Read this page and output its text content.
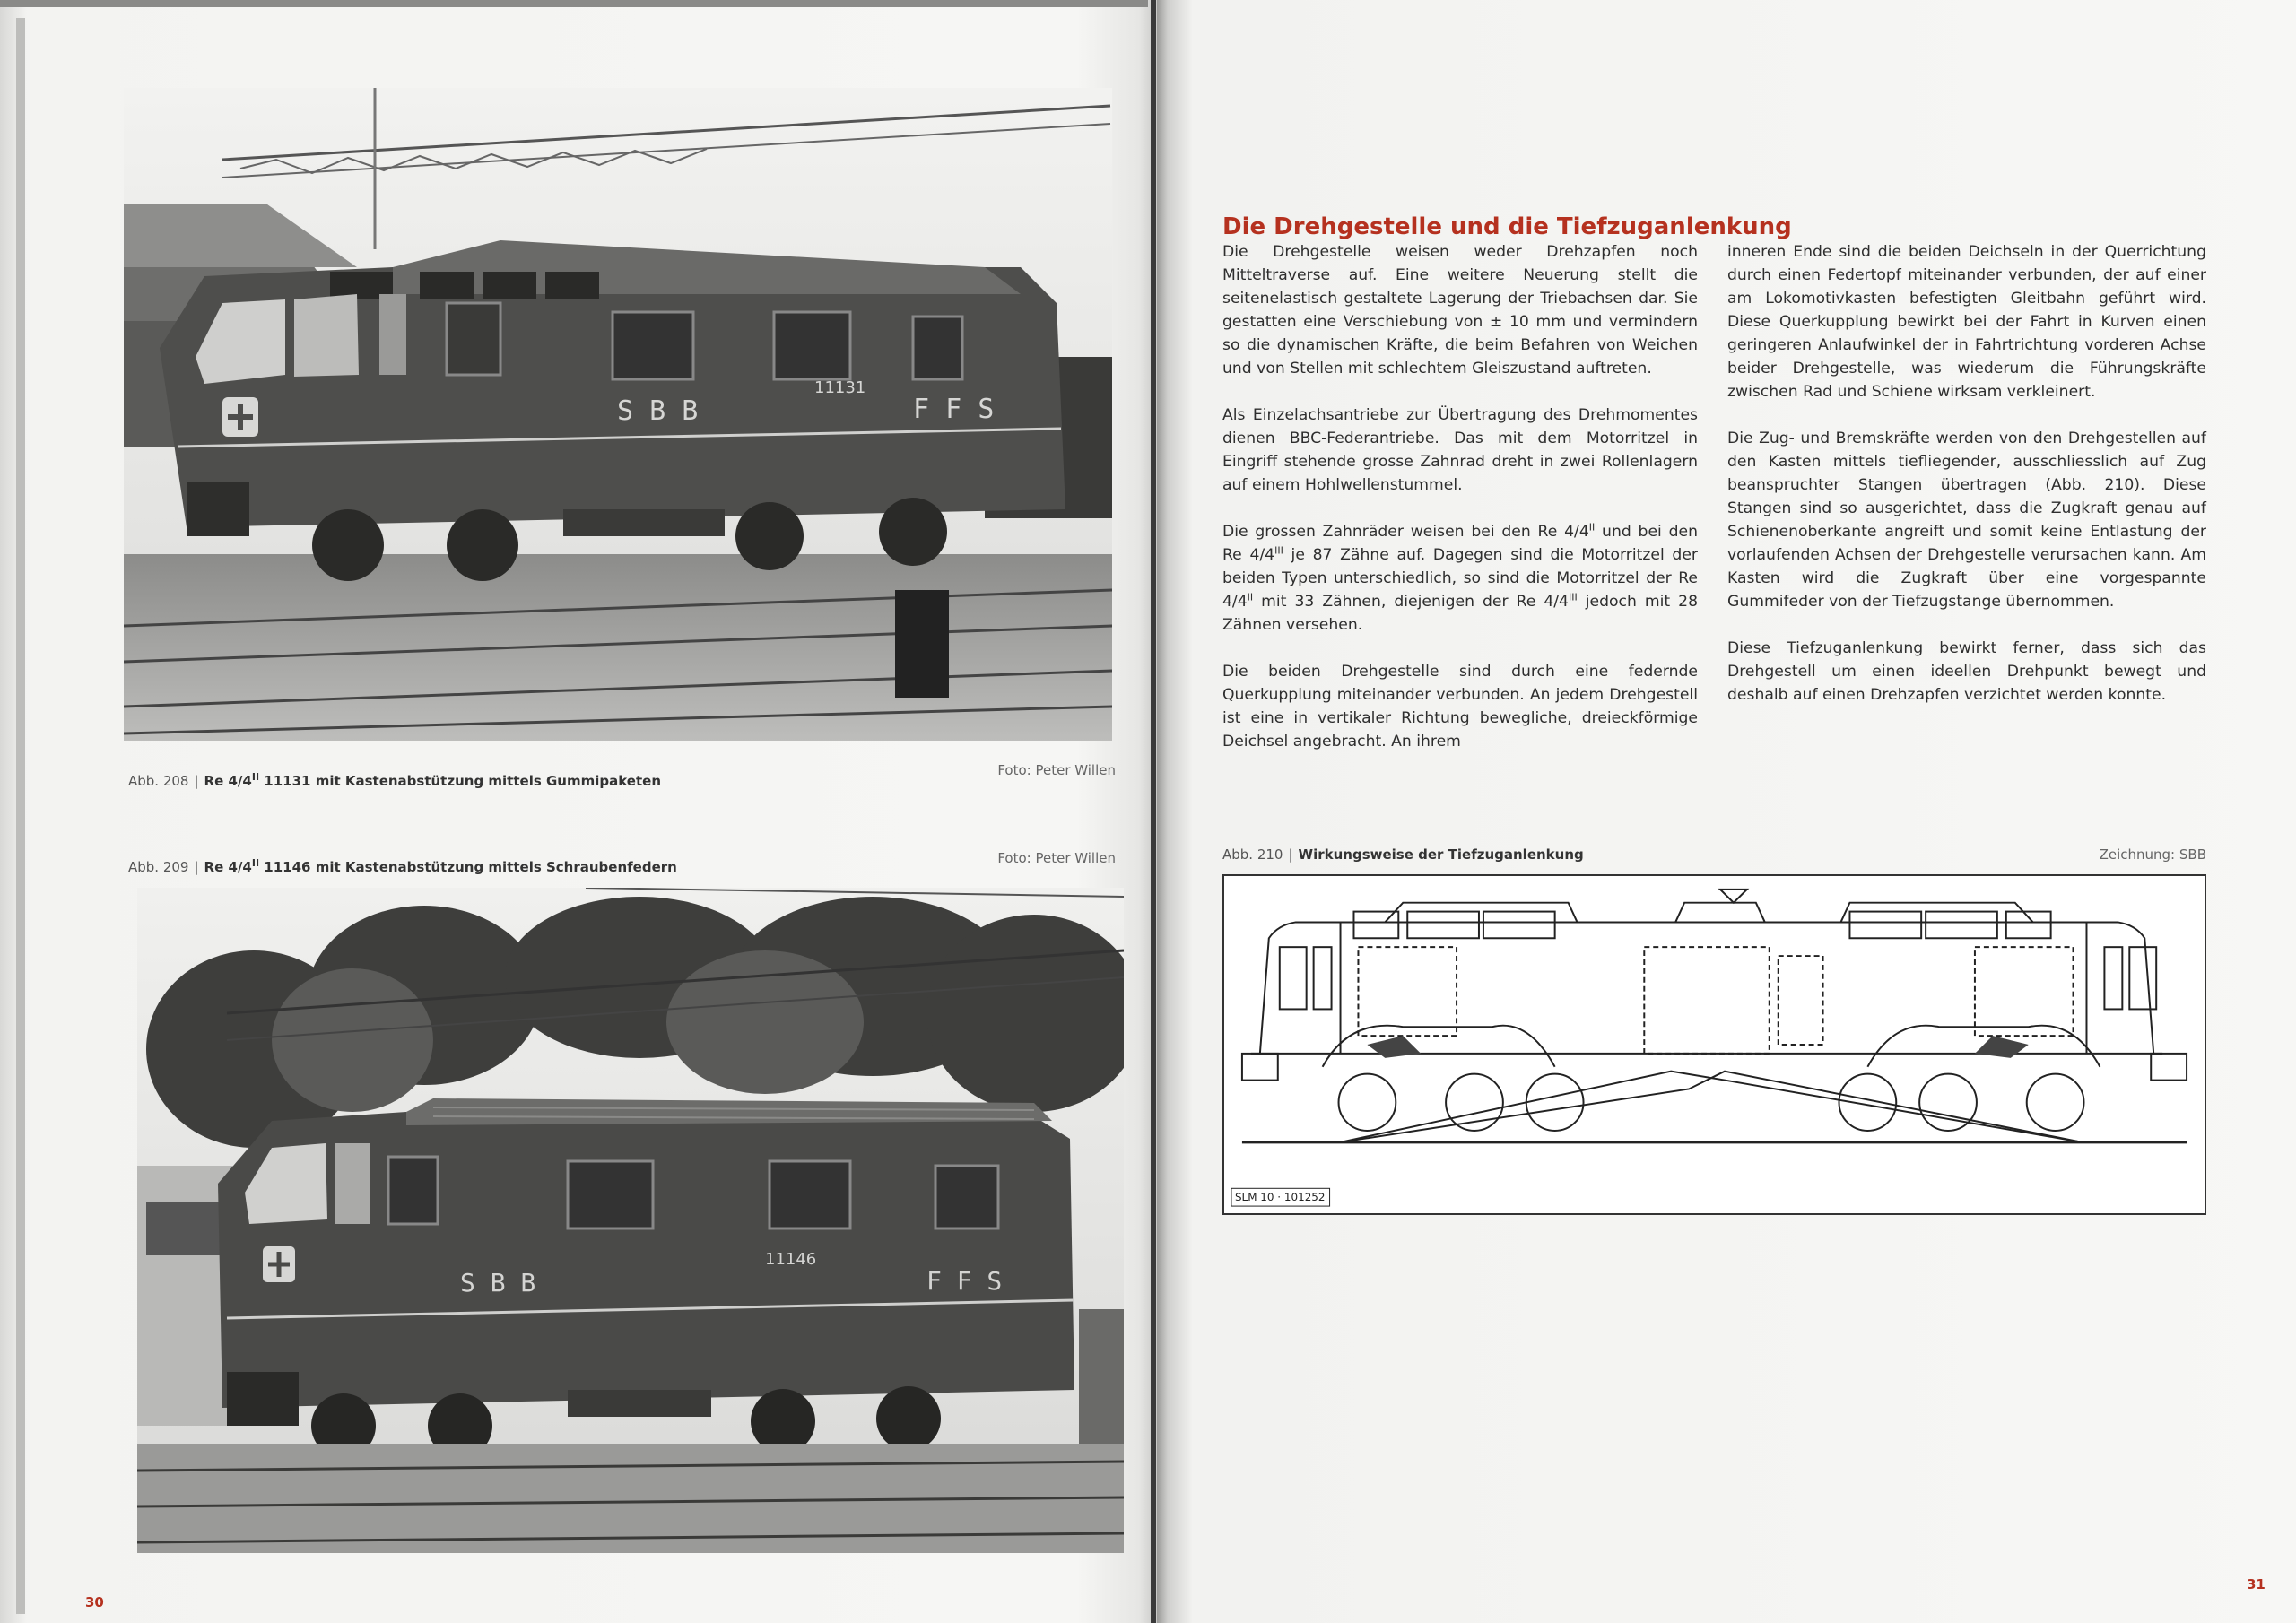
S B B	F F S
11131
Abb. 208 | Re $4/4^{II}$ 11131 mit Kastenabstützung mittels Gummipaketen
Foto: Peter Willen
Abb. 209 | Re $4/4^{II}$ 11146 mit Kastenabstützung mittels Schraubenfedern
Foto: Peter Willen
S B B	F F S
11146
30
Die Drehgestelle und die Tiefzuganlenkung

Die Drehgestelle weisen weder Drehzapfen noch Mitteltraverse auf. Eine weitere Neuerung stellt die seitenelastisch gestaltete Lagerung der Triebachsen dar. Sie gestatten eine Verschiebung von ± 10 mm und vermindern so die dynamischen Kräfte, die beim Befahren von Weichen und von Stellen mit schlechtem Gleiszustand auftreten.

Als Einzelachsantriebe zur Übertragung des Drehmomentes dienen BBC-Federantriebe. Das mit dem Motorritzel in Eingriff stehende grosse Zahnrad dreht in zwei Rollenlagern auf einem Hohlwellenstummel.

Die grossen Zahnräder weisen bei den Re $4/4^{II}$ und bei den Re $4/4^{III}$ je 87 Zähne auf. Dagegen sind die Motorritzel der beiden Typen unterschiedlich, so sind die Motorritzel der Re $4/4^{II}$ mit 33 Zähnen, diejenigen der Re $4/4^{III}$ jedoch mit 28 Zähnen versehen.

Die beiden Drehgestelle sind durch eine federnde Querkupplung miteinander verbunden. An jedem Drehgestell ist eine in vertikaler Richtung bewegliche, dreieckförmige Deichsel angebracht. An ihrem

inneren Ende sind die beiden Deichseln in der Querrichtung durch einen Federtopf miteinander verbunden, der auf einer am Lokomotivkasten befestigten Gleitbahn geführt wird. Diese Querkupplung bewirkt bei der Fahrt in Kurven einen geringeren Anlaufwinkel der in Fahrtrichtung vorderen Achse beider Drehgestelle, was wiederum die Führungskräfte zwischen Rad und Schiene wirksam verkleinert.

Die Zug- und Bremskräfte werden von den Drehgestellen auf den Kasten mittels tiefliegender, ausschliesslich auf Zug beanspruchter Stangen übertragen (Abb. 210). Diese Stangen sind so ausgerichtet, dass die Zugkraft genau auf Schienenoberkante angreift und somit keine Entlastung der vorlaufenden Achsen der Drehgestelle verursachen kann. Am Kasten wird die Zugkraft über eine vorgespannte Gummifeder von der Tiefzugstange übernommen.

Diese Tiefzuganlenkung bewirkt ferner, dass sich das Drehgestell um einen ideellen Drehpunkt bewegt und deshalb auf einen Drehzapfen verzichtet werden konnte.

Abb. 210 | Wirkungsweise der Tiefzuganlenkung	Zeichnung: SBB
SLM 10 · 101252
31
